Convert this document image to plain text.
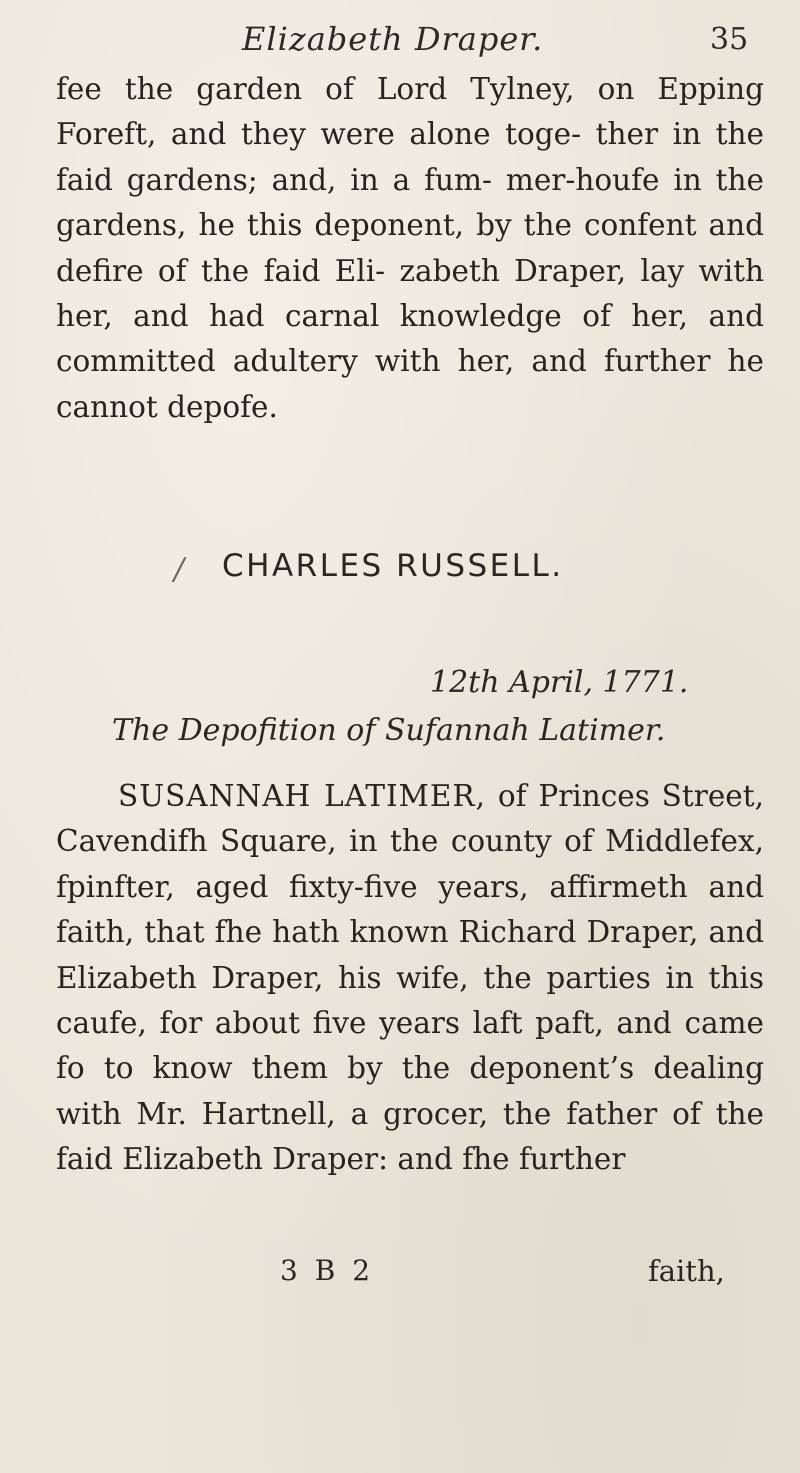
Elizabeth Draper.	35

fee the garden of Lord Tylney, on Epping Foreft, and they were alone toge- ther in the faid gardens; and, in a fum- mer-houfe in the gardens, he this deponent, by the confent and defire of the faid Eli- zabeth Draper, lay with her, and had carnal knowledge of her, and committed adultery with her, and further he cannot depofe.

/ CHARLES RUSSELL.
12th April, 1771.
The Depofition of Sufannah Latimer.

SUSANNAH LATIMER, of Princes Street, Cavendifh Square, in the county of Middlefex, fpinfter, aged fixty-five years, affirmeth and faith, that fhe hath known Richard Draper, and Elizabeth Draper, his wife, the parties in this caufe, for about five years laft paft, and came fo to know them by the deponent’s dealing with Mr. Hartnell, a grocer, the father of the faid Elizabeth Draper: and fhe further

3 B 2	faith,
